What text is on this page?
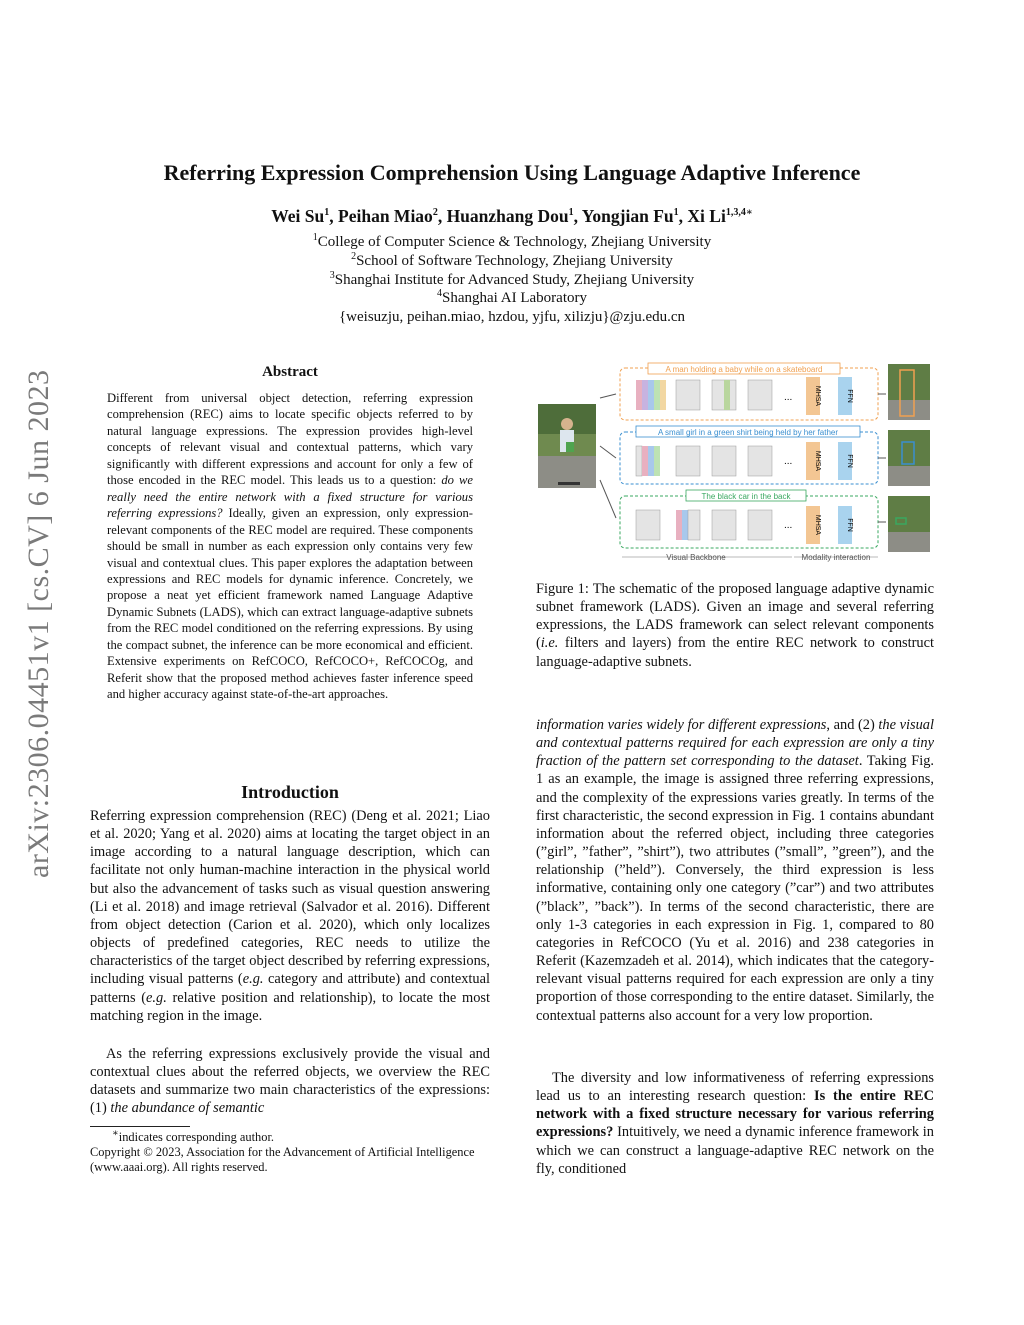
arXiv:2306.04451v1 [cs.CV] 6 Jun 2023
Referring Expression Comprehension Using Language Adaptive Inference
Wei Su$^1$, Peihan Miao$^2$, Huanzhang Dou$^1$, Yongjian Fu$^1$, Xi $Li^{1,3,4∗}$
$^1$College of Computer Science & Technology, Zhejiang University
$^2$School of Software Technology, Zhejiang University
$^3$Shanghai Institute for Advanced Study, Zhejiang University
$^4$Shanghai AI Laboratory
{weisuzju, peihan.miao, hzdou, yjfu, xilizju}@zju.edu.cn
Abstract
Different from universal object detection, referring expression comprehension (REC) aims to locate specific objects referred to by natural language expressions. The expression provides high-level concepts of relevant visual and contextual patterns, which vary significantly with different expressions and account for only a few of those encoded in the REC model. This leads us to a question: do we really need the entire network with a fixed structure for various referring expressions? Ideally, given an expression, only expression-relevant components of the REC model are required. These components should be small in number as each expression only contains very few visual and contextual clues. This paper explores the adaptation between expressions and REC models for dynamic inference. Concretely, we propose a neat yet efficient framework named Language Adaptive Dynamic Subnets (LADS), which can extract language-adaptive subnets from the REC model conditioned on the referring expressions. By using the compact subnet, the inference can be more economical and efficient. Extensive experiments on RefCOCO, RefCOCO+, RefCOCOg, and Referit show that the proposed method achieves faster inference speed and higher accuracy against state-of-the-art approaches.
Introduction

Referring expression comprehension (REC) (Deng et al. 2021; Liao et al. 2020; Yang et al. 2020) aims at locating the target object in an image according to a natural language description, which can facilitate not only human-machine interaction in the physical world but also the advancement of tasks such as visual question answering (Li et al. 2018) and image retrieval (Salvador et al. 2016). Different from object detection (Carion et al. 2020), which only localizes objects of predefined categories, REC needs to utilize the characteristics of the target object described by referring expressions, including visual patterns (e.g. category and attribute) and contextual patterns (e.g. relative position and relationship), to locate the most matching region in the image.

As the referring expressions exclusively provide the visual and contextual clues about the referred objects, we overview the REC datasets and summarize two main characteristics of the expressions: (1) the abundance of semantic

∗indicates corresponding author.
Copyright © 2023, Association for the Advancement of Artificial Intelligence (www.aaai.org). All rights reserved.
A man holding a baby while on a skateboard
...	MHSA	FFN
A small girl in a green shirt being held by her father
...	MHSA	FFN
The black car in the back
...	MHSA	FFN
Visual Backbone	Modality interaction

Figure 1: The schematic of the proposed language adaptive dynamic subnet framework (LADS). Given an image and several referring expressions, the LADS framework can select relevant components (i.e. filters and layers) from the entire REC network to construct language-adaptive subnets.

information varies widely for different expressions, and (2) the visual and contextual patterns required for each expression are only a tiny fraction of the pattern set corresponding to the dataset. Taking Fig. 1 as an example, the image is assigned three referring expressions, and the complexity of the expressions varies greatly. In terms of the first characteristic, the second expression in Fig. 1 contains abundant information about the referred object, including three categories (”girl”, ”father”, ”shirt”), two attributes (”small”, ”green”), and the relationship (”held”). Conversely, the third expression is less informative, containing only one category (”car”) and two attributes (”black”, ”back”). In terms of the second characteristic, there are only 1-3 categories in each expression in Fig. 1, compared to 80 categories in RefCOCO (Yu et al. 2016) and 238 categories in Referit (Kazemzadeh et al. 2014), which indicates that the category-relevant visual patterns required for each expression are only a tiny proportion of those corresponding to the entire dataset. Similarly, the contextual patterns also account for a very low proportion.

The diversity and low informativeness of referring expressions lead us to an interesting research question: Is the entire REC network with a fixed structure necessary for various referring expressions? Intuitively, we need a dynamic inference framework in which we can construct a language-adaptive REC network on the fly, conditioned
